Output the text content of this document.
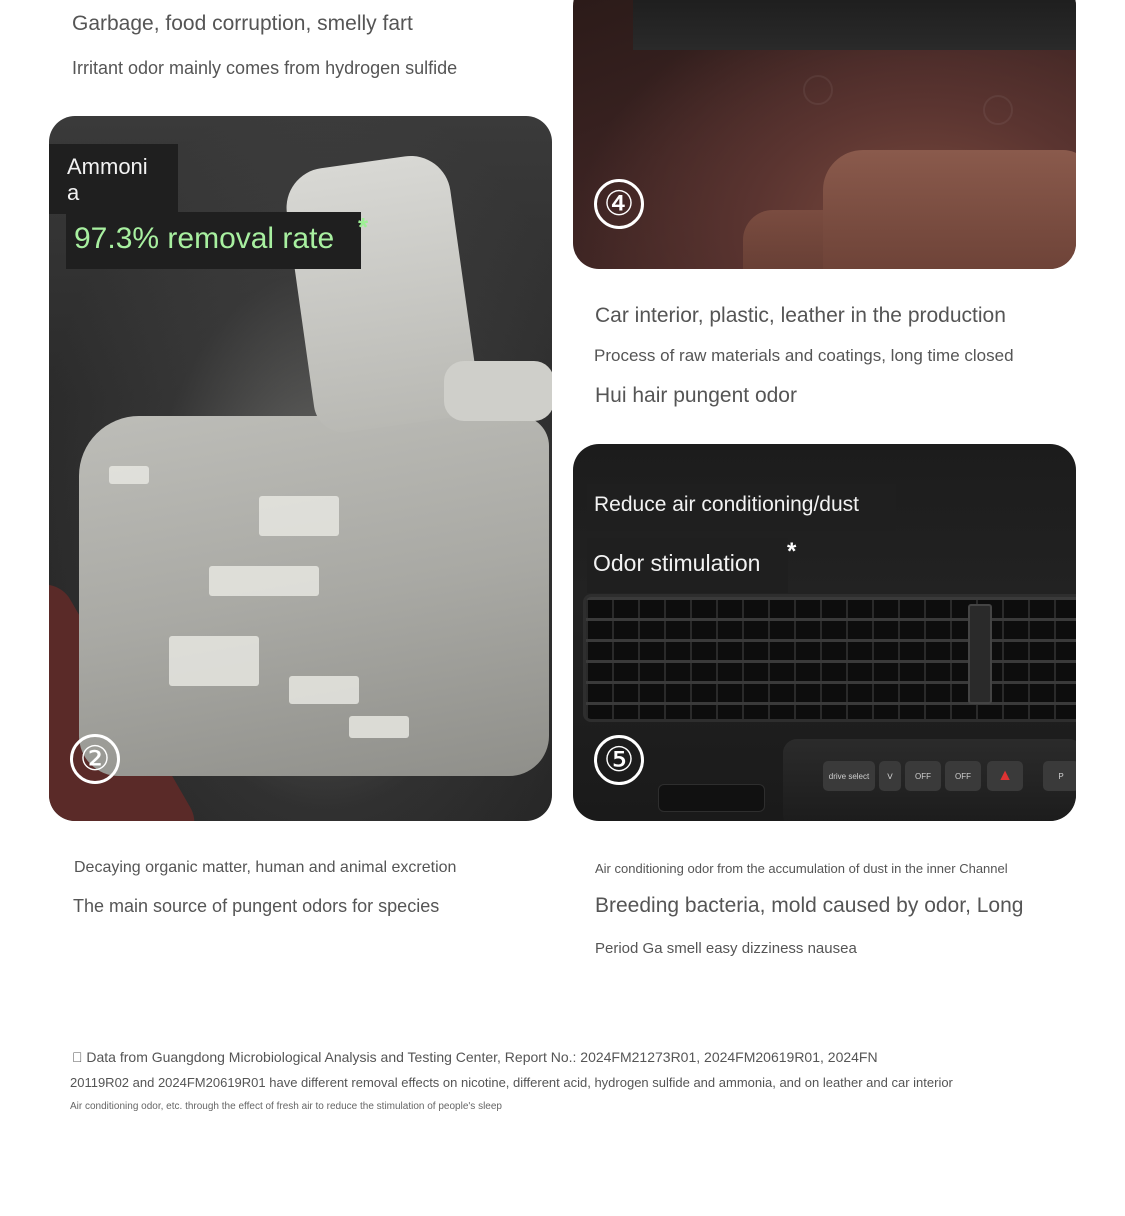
Garbage, food corruption, smelly fart
Irritant odor mainly comes from hydrogen sulfide
④
Ammoni
a
97.3% removal rate *
②
Car interior, plastic, leather in the production
Process of raw materials and coatings, long time closed
Hui hair pungent odor
drive select	ᐯ	OFF	OFF	▲	P
Reduce air conditioning/dust
Odor stimulation	*
⑤
Decaying organic matter, human and animal excretion
The main source of pungent odors for species
Air conditioning odor from the accumulation of dust in the inner Channel
Breeding bacteria, mold caused by odor, Long
Period Ga smell easy dizziness nausea
  Data from Guangdong Microbiological Analysis and Testing Center, Report No.: 2024FM21273R01, 2024FM20619R01, 2024FN
20119R02 and 2024FM20619R01 have different removal effects on nicotine, different acid, hydrogen sulfide and ammonia, and on leather and car interior
Air conditioning odor, etc. through the effect of fresh air to reduce the stimulation of people's sleep
